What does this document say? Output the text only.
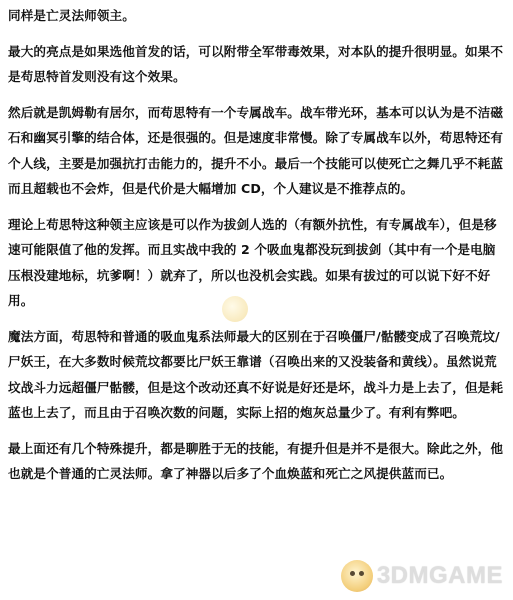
同样是亡灵法师领主。

最大的亮点是如果选他首发的话，可以附带全军带毒效果，对本队的提升很明显。如果不是苟思特首发则没有这个效果。

然后就是凯姆勒有居尔，而苟思特有一个专属战车。战车带光环，基本可以认为是不洁磁石和幽冥引擎的结合体，还是很强的。但是速度非常慢。除了专属战车以外，苟思特还有个人线，主要是加强抗打击能力的，提升不小。最后一个技能可以使死亡之舞几乎不耗蓝而且超载也不会炸，但是代价是大幅增加 CD，个人建议是不推荐点的。

理论上苟思特这种领主应该是可以作为拔剑人选的（有额外抗性，有专属战车），但是移速可能限值了他的发挥。而且实战中我的 2 个吸血鬼都没玩到拔剑（其中有一个是电脑压根没建地标，坑爹啊！）就弃了，所以也没机会实践。如果有拔过的可以说下好不好用。

魔法方面，苟思特和普通的吸血鬼系法师最大的区别在于召唤僵尸/骷髅变成了召唤荒坟/尸妖王，在大多数时候荒坟都要比尸妖王靠谱（召唤出来的又没装备和黄线）。虽然说荒坟战斗力远超僵尸骷髅，但是这个改动还真不好说是好还是坏，战斗力是上去了，但是耗蓝也上去了，而且由于召唤次数的问题，实际上招的炮灰总量少了。有利有弊吧。

最上面还有几个特殊提升，都是聊胜于无的技能，有提升但是并不是很大。除此之外，他也就是个普通的亡灵法师。拿了神器以后多了个血焕蓝和死亡之风提供蓝而已。

3DMGAME
